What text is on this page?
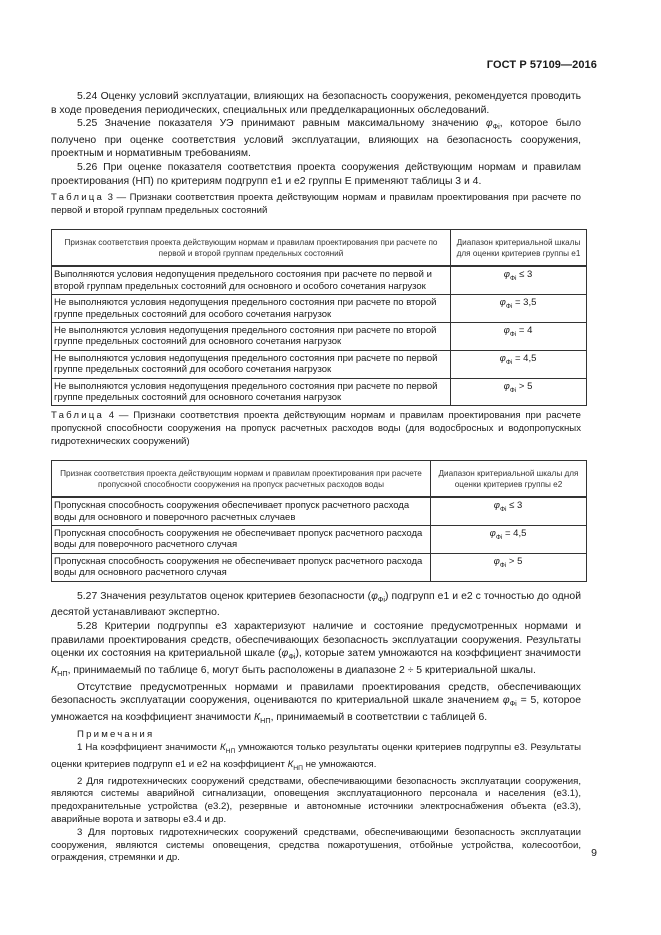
ГОСТ Р 57109—2016

5.24 Оценку условий эксплуатации, влияющих на безопасность сооружения, рекомендуется проводить в ходе проведения периодических, специальных или предделкарационных обследований.

5.25 Значение показателя УЭ принимают равным максимальному значению $\varphi_{Фi}$, которое было получено при оценке соответствия условий эксплуатации, влияющих на безопасность сооружения, проектным и нормативным требованиям.

5.26 При оценке показателя соответствия проекта сооружения действующим нормам и правилам проектирования (НП) по критериям подгрупп е1 и е2 группы Е применяют таблицы 3 и 4.

Таблица 3 — Признаки соответствия проекта действующим нормам и правилам проектирования при расчете по первой и второй группам предельных состояний

Признак соответствия проекта действующим нормам и правилам проектирования при расчете по первой и второй группам предельных состояний	Диапазон критериальной шкалы для оценки критериев группы е1
Выполняются условия недопущения предельного состояния при расчете по первой и второй группам предельных состояний для основного и особого сочетания нагрузок	$\varphi_{Фi} \le 3$
Не выполняются условия недопущения предельного состояния при расчете по второй группе предельных состояний для особого сочетания нагрузок	$\varphi_{Фi} = 3,5$
Не выполняются условия недопущения предельного состояния при расчете по второй группе предельных состояний для основного сочетания нагрузок	$\varphi_{Фi} = 4$
Не выполняются условия недопущения предельного состояния при расчете по первой группе предельных состояний для особого сочетания нагрузок	$\varphi_{Фi} = 4,5$
Не выполняются условия недопущения предельного состояния при расчете по первой группе предельных состояний для основного сочетания нагрузок	$\varphi_{Фi} > 5$

Таблица 4 — Признаки соответствия проекта действующим нормам и правилам проектирования при расчете пропускной способности сооружения на пропуск расчетных расходов воды (для водосбросных и водопропускных гидротехнических сооружений)

Признак соответствия проекта действующим нормам и правилам проектирования при расчете пропускной способности сооружения на пропуск расчетных расходов воды	Диапазон критериальной шкалы для оценки критериев группы е2
Пропускная способность сооружения обеспечивает пропуск расчетного расхода воды для основного и поверочного расчетных случаев	$\varphi_{Фi} \le 3$
Пропускная способность сооружения не обеспечивает пропуск расчетного расхода воды для поверочного расчетного случая	$\varphi_{Фi} = 4,5$
Пропускная способность сооружения не обеспечивает пропуск расчетного расхода воды для основного расчетного случая	$\varphi_{Фi} > 5$

5.27 Значения результатов оценок критериев безопасности $(\varphi_{Фi})$ подгрупп е1 и е2 с точностью до одной десятой устанавливают экспертно.

5.28 Критерии подгруппы е3 характеризуют наличие и состояние предусмотренных нормами и правилами проектирования средств, обеспечивающих безопасность эксплуатации сооружения. Результаты оценки их состояния на критериальной шкале $(\varphi_{Фi})$, которые затем умножаются на коэффициент значимости $К_{НП}$, принимаемый по таблице 6, могут быть расположены в диапазоне 2 ÷ 5 критериальной шкалы.

Отсутствие предусмотренных нормами и правилами проектирования средств, обеспечивающих безопасность эксплуатации сооружения, оцениваются по критериальной шкале значением $\varphi_{Фi} = 5$, которое умножается на коэффициент значимости $К_{НП}$, принимаемый в соответствии с таблицей 6.

Примечания

1 На коэффициент значимости $К_{НП}$ умножаются только результаты оценки критериев подгруппы е3. Результаты оценки критериев подгрупп е1 и е2 на коэффициент $К_{НП}$ не умножаются.

2 Для гидротехнических сооружений средствами, обеспечивающими безопасность эксплуатации сооружения, являются системы аварийной сигнализации, оповещения эксплуатационного персонала и населения (е3.1), предохранительные устройства (е3.2), резервные и автономные источники электроснабжения объекта (е3.3), аварийные ворота и затворы е3.4 и др.

3 Для портовых гидротехнических сооружений средствами, обеспечивающими безопасность эксплуатации сооружения, являются системы оповещения, средства пожаротушения, отбойные устройства, колесоотбои, ограждения, стремянки и др.	9
